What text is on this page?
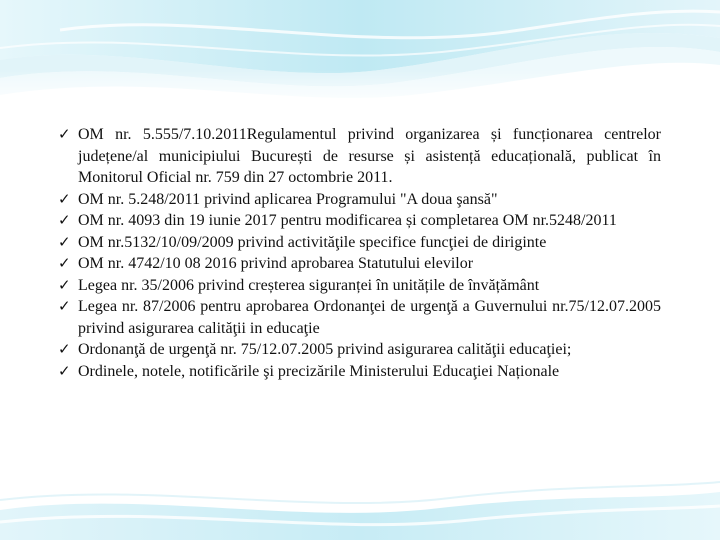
✓ OM nr. 5.555/7.10.2011Regulamentul privind organizarea și funcționarea centrelor județene/al municipiului București de resurse și asistență educațională, publicat în Monitorul Oficial nr. 759 din 27 octombrie 2011.
✓ OM nr. 5.248/2011 privind aplicarea Programului "A doua şansă"
✓ OM nr. 4093 din 19 iunie 2017 pentru modificarea și completarea OM nr.5248/2011
✓ OM nr.5132/10/09/2009 privind activităţile specifice funcţiei de diriginte
✓ OM nr. 4742/10 08 2016 privind aprobarea Statutului elevilor
✓ Legea nr. 35/2006 privind creșterea siguranței în unitățile de învățământ
✓ Legea nr. 87/2006 pentru aprobarea Ordonanţei de urgenţă a Guvernului nr.75/12.07.2005 privind asigurarea calităţii in educaţie
✓ Ordonanţă de urgenţă nr. 75/12.07.2005 privind asigurarea calităţii educaţiei;
✓ Ordinele, notele, notificările şi precizările Ministerului Educaţiei Naționale
